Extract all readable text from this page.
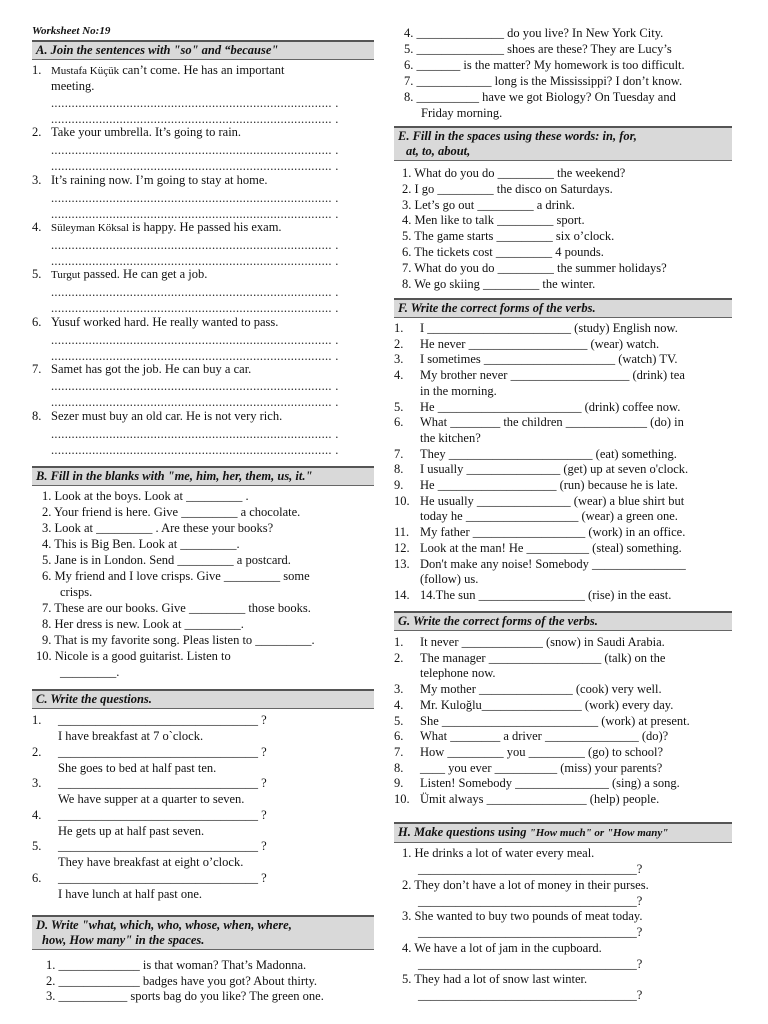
Worksheet No:19
A. Join the sentences with "so" and “because"
1. Mustafa Küçük can’t come. He has an important
meeting.
2. Take your umbrella. It’s going to rain.
3. It’s raining now. I’m going to stay at home.
4. Süleyman Köksal is happy. He passed his exam.
5. Turgut passed. He can get a job.
6. Yusuf worked hard. He really wanted to pass.
7. Samet has got the job. He can buy a car.
8. Sezer must buy an old car. He is not very rich.
.................................................................................. .
.................................................................................. .
.................................................................................. .
.................................................................................. .
.................................................................................. .
.................................................................................. .
.................................................................................. .
.................................................................................. .
.................................................................................. .
.................................................................................. .
.................................................................................. .
.................................................................................. .
.................................................................................. .
.................................................................................. .
.................................................................................. .
.................................................................................. .
B. Fill in the blanks with "me, him, her, them, us, it."
1. Look at the boys. Look at _________ .
2. Your friend is here. Give _________ a chocolate.
3. Look at _________ . Are these your books?
4. This is Big Ben. Look at _________.
5. Jane is in London. Send _________ a postcard.
6. My friend and I love crisps. Give _________ some
crisps.
7. These are our books. Give _________ those books.
8. Her dress is new. Look at _________.
9. That is my favorite song. Pleas listen to _________.
10. Nicole is a good guitarist. Listen to
_________.
C. Write the questions.
1. ________________________________ ?
I have breakfast at 7 o`clock.
2. ________________________________ ?
She goes to bed at half past ten.
3. ________________________________ ?
We have supper at a quarter to seven.
4. ________________________________ ?
He gets up at half past seven.
5. ________________________________ ?
They have breakfast at eight o’clock.
6. ________________________________ ?
I have lunch at half past one.
D. Write "what, which, who, whose, when, where,
how, How many" in the spaces.
1. _____________ is that woman? That’s Madonna.
2. _____________ badges have you got? About thirty.
3. ___________ sports bag do you like? The green one.
4. ______________ do you live? In New York City.
5. ______________ shoes are these? They are Lucy’s
6. _______ is the matter? My homework is too difficult.
7. ____________ long is the Mississippi? I don’t know.
8. __________ have we got Biology? On Tuesday and
Friday morning.
E. Fill in the spaces using these words: in, for,
at, to, about,
1. What do you do _________ the weekend?
2. I go _________ the disco on Saturdays.
3. Let’s go out _________ a drink.
4. Men like to talk _________ sport.
5. The game starts _________ six o’clock.
6. The tickets cost _________ 4 pounds.
7. What do you do _________ the summer holidays?
8. We go skiing _________ the winter.
F. Write the correct forms of the verbs.
1. I _______________________ (study) English now.
2. He never ___________________ (wear) watch.
3. I sometimes _____________________ (watch) TV.
4. My brother never ___________________ (drink) tea
in the morning.
5. He _______________________ (drink) coffee now.
6. What ________ the children _____________ (do) in
the kitchen?
7. They _______________________ (eat) something.
8. I usually _______________ (get) up at seven o'clock.
9. He ___________________ (run) because he is late.
10. He usually _______________ (wear) a blue shirt but
today he __________________ (wear) a green one.
11. My father __________________ (work) in an office.
12. Look at the man! He __________ (steal) something.
13. Don't make any noise! Somebody _______________
(follow) us.
14. 14.The sun _________________ (rise) in the east.
G. Write the correct forms of the verbs.
1. It never _____________ (snow) in Saudi Arabia.
2. The manager __________________ (talk) on the
telephone now.
3. My mother _______________ (cook) very well.
4. Mr. Kuloğlu________________ (work) every day.
5. She _________________________ (work) at present.
6. What ________ a driver _______________ (do)?
7. How _________ you _________ (go) to school?
8. ____ you ever __________ (miss) your parents?
9. Listen! Somebody _______________ (sing) a song.
10. Ümit always ________________ (help) people.
H. Make questions using "How much" or "How many"
1. He drinks a lot of water every meal.
___________________________________?
2. They don’t have a lot of money in their purses.
___________________________________?
3. She wanted to buy two pounds of meat today.
___________________________________?
4. We have a lot of jam in the cupboard.
___________________________________?
5. They had a lot of snow last winter.
___________________________________?
